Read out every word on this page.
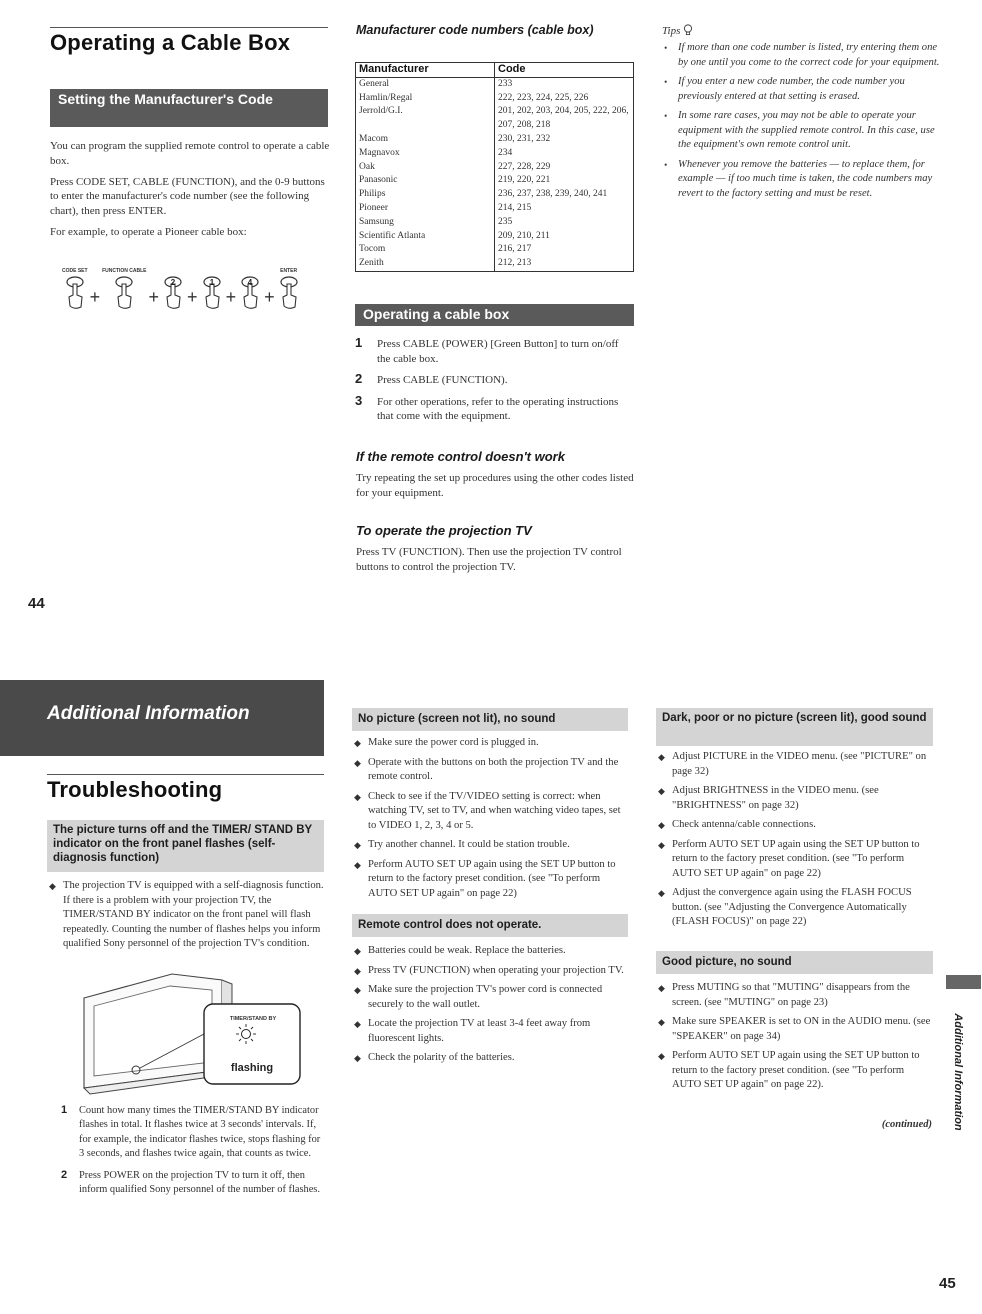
Operating a Cable Box
Setting the Manufacturer's Code

You can program the supplied remote control to operate a cable box.

Press CODE SET, CABLE (FUNCTION), and the 0-9 buttons to enter the manufacturer's code number (see the following chart), then press ENTER.

For example, to operate a Pioneer cable box:

CODE SET
+
FUNCTION CABLE
+
2
+
1
+
4
+
ENTER
Manufacturer code numbers (cable box)
Manufacturer	Code
General	233
Hamlin/Regal	222, 223, 224, 225, 226
Jerrold/G.I.	201, 202, 203, 204, 205, 222, 206, 207, 208, 218
Macom	230, 231, 232
Magnavox	234
Oak	227, 228, 229
Panasonic	219, 220, 221
Philips	236, 237, 238, 239, 240, 241
Pioneer	214, 215
Samsung	235
Scientific Atlanta	209, 210, 211
Tocom	216, 217
Zenith	212, 213
Operating a cable box
1 Press CABLE (POWER) [Green Button] to turn on/off the cable box.
2 Press CABLE (FUNCTION).
3 For other operations, refer to the operating instructions that come with the equipment.
If the remote control doesn't work
Try repeating the set up procedures using the other codes listed for your equipment.
To operate the projection TV
Press TV (FUNCTION). Then use the projection TV control buttons to control the projection TV.
Tips
• If more than one code number is listed, try entering them one by one until you come to the correct code for your equipment.
• If you enter a new code number, the code number you previously entered at that setting is erased.
• In some rare cases, you may not be able to operate your equipment with the supplied remote control. In this case, use the equipment's own remote control unit.
• Whenever you remove the batteries — to replace them, for example — if too much time is taken, the code numbers may revert to the factory setting and must be reset.
44
Additional Information
Troubleshooting
The picture turns off and the TIMER/ STAND BY indicator on the front panel flashes (self-diagnosis function)
◆ The projection TV is equipped with a self-diagnosis function. If there is a problem with your projection TV, the TIMER/STAND BY indicator on the front panel will flash repeatedly. Counting the number of flashes helps you inform qualified Sony personnel of the projection TV's condition.
TIMER/STAND BY
flashing
1 Count how many times the TIMER/STAND BY indicator flashes in total. It flashes twice at 3 seconds' intervals. If, for example, the indicator flashes twice, stops flashing for 3 seconds, and flashes twice again, that counts as twice.
2 Press POWER on the projection TV to turn it off, then inform qualified Sony personnel of the number of flashes.
No picture (screen not lit), no sound
◆ Make sure the power cord is plugged in.
◆ Operate with the buttons on both the projection TV and the remote control.
◆ Check to see if the TV/VIDEO setting is correct: when watching TV, set to TV, and when watching video tapes, set to VIDEO 1, 2, 3, 4 or 5.
◆ Try another channel. It could be station trouble.
◆ Perform AUTO SET UP again using the SET UP button to return to the factory preset condition. (see "To perform AUTO SET UP again" on page 22)
Remote control does not operate.
◆ Batteries could be weak. Replace the batteries.
◆ Press TV (FUNCTION) when operating your projection TV.
◆ Make sure the projection TV's power cord is connected securely to the wall outlet.
◆ Locate the projection TV at least 3-4 feet away from fluorescent lights.
◆ Check the polarity of the batteries.
Dark, poor or no picture (screen lit), good sound
◆ Adjust PICTURE in the VIDEO menu. (see "PICTURE" on page 32)
◆ Adjust BRIGHTNESS in the VIDEO menu. (see "BRIGHTNESS" on page 32)
◆ Check antenna/cable connections.
◆ Perform AUTO SET UP again using the SET UP button to return to the factory preset condition. (see "To perform AUTO SET UP again" on page 22)
◆ Adjust the convergence again using the FLASH FOCUS button. (see "Adjusting the Convergence Automatically (FLASH FOCUS)" on page 22)
Good picture, no sound
◆ Press MUTING so that "MUTING" disappears from the screen. (see "MUTING" on page 23)
◆ Make sure SPEAKER is set to ON in the AUDIO menu. (see "SPEAKER" on page 34)
◆ Perform AUTO SET UP again using the SET UP button to return to the factory preset condition. (see "To perform AUTO SET UP again" on page 22).
(continued) Additional Information
45
